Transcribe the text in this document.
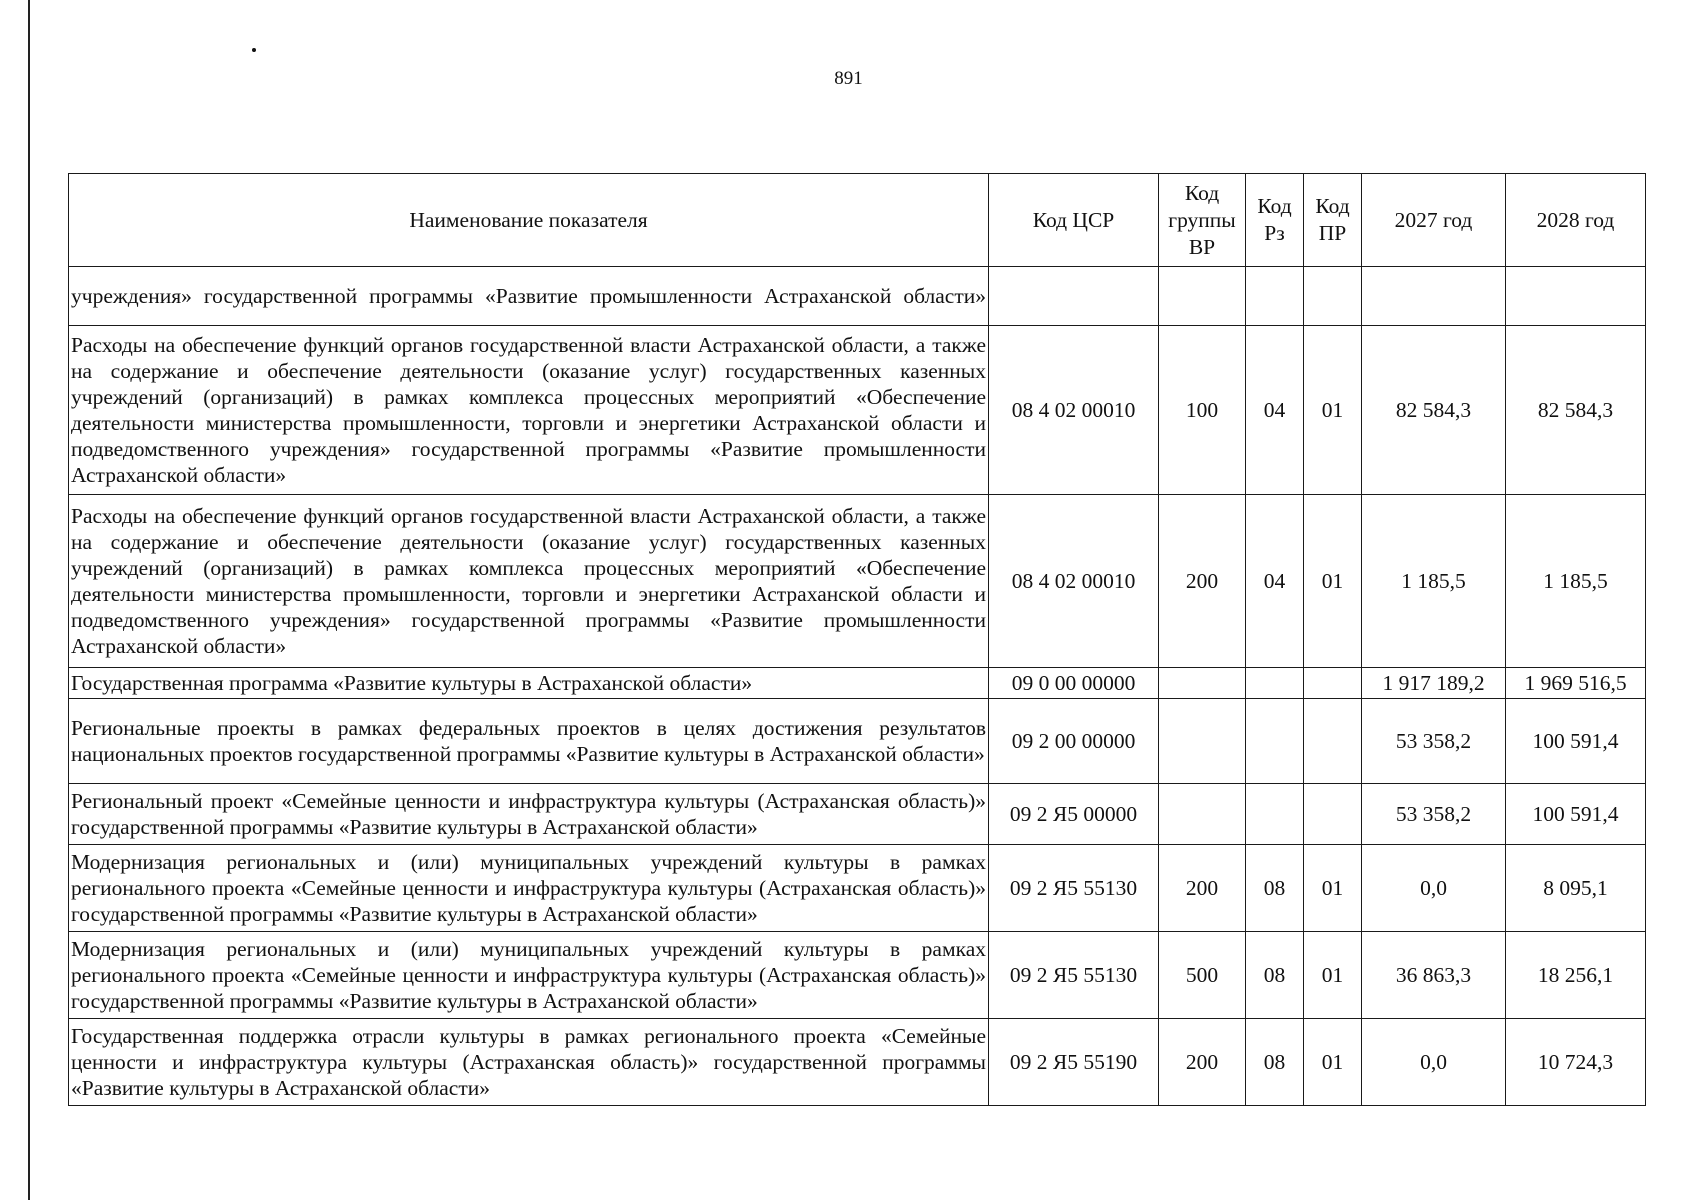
891
Наименование показателя	Код ЦСР	Код группы ВР	Код Рз	Код ПР	2027 год	2028 год
учреждения» государственной программы «Развитие промышленности Астраханской области»						
Расходы на обеспечение функций органов государственной власти Астраханской области, а также на содержание и обеспечение деятельности (оказание услуг) государственных казенных учреждений (организаций) в рамках комплекса процессных мероприятий «Обеспечение деятельности министерства промышленности, торговли и энергетики Астраханской области и подведомственного учреждения» государственной программы «Развитие промышленности Астраханской области»	08 4 02 00010	100	04	01	82 584,3	82 584,3
Расходы на обеспечение функций органов государственной власти Астраханской области, а также на содержание и обеспечение деятельности (оказание услуг) государственных казенных учреждений (организаций) в рамках комплекса процессных мероприятий «Обеспечение деятельности министерства промышленности, торговли и энергетики Астраханской области и подведомственного учреждения» государственной программы «Развитие промышленности Астраханской области»	08 4 02 00010	200	04	01	1 185,5	1 185,5
Государственная программа «Развитие культуры в Астраханской области»	09 0 00 00000				1 917 189,2	1 969 516,5
Региональные проекты в рамках федеральных проектов в целях достижения результатов национальных проектов государственной программы «Развитие культуры в Астраханской области»	09 2 00 00000				53 358,2	100 591,4
Региональный проект «Семейные ценности и инфраструктура культуры (Астраханская область)» государственной программы «Развитие культуры в Астраханской области»	09 2 Я5 00000				53 358,2	100 591,4
Модернизация региональных и (или) муниципальных учреждений культуры в рамках регионального проекта «Семейные ценности и инфраструктура культуры (Астраханская область)» государственной программы «Развитие культуры в Астраханской области»	09 2 Я5 55130	200	08	01	0,0	8 095,1
Модернизация региональных и (или) муниципальных учреждений культуры в рамках регионального проекта «Семейные ценности и инфраструктура культуры (Астраханская область)» государственной программы «Развитие культуры в Астраханской области»	09 2 Я5 55130	500	08	01	36 863,3	18 256,1
Государственная поддержка отрасли культуры в рамках регионального проекта «Семейные ценности и инфраструктура культуры (Астраханская область)» государственной программы «Развитие культуры в Астраханской области»	09 2 Я5 55190	200	08	01	0,0	10 724,3
